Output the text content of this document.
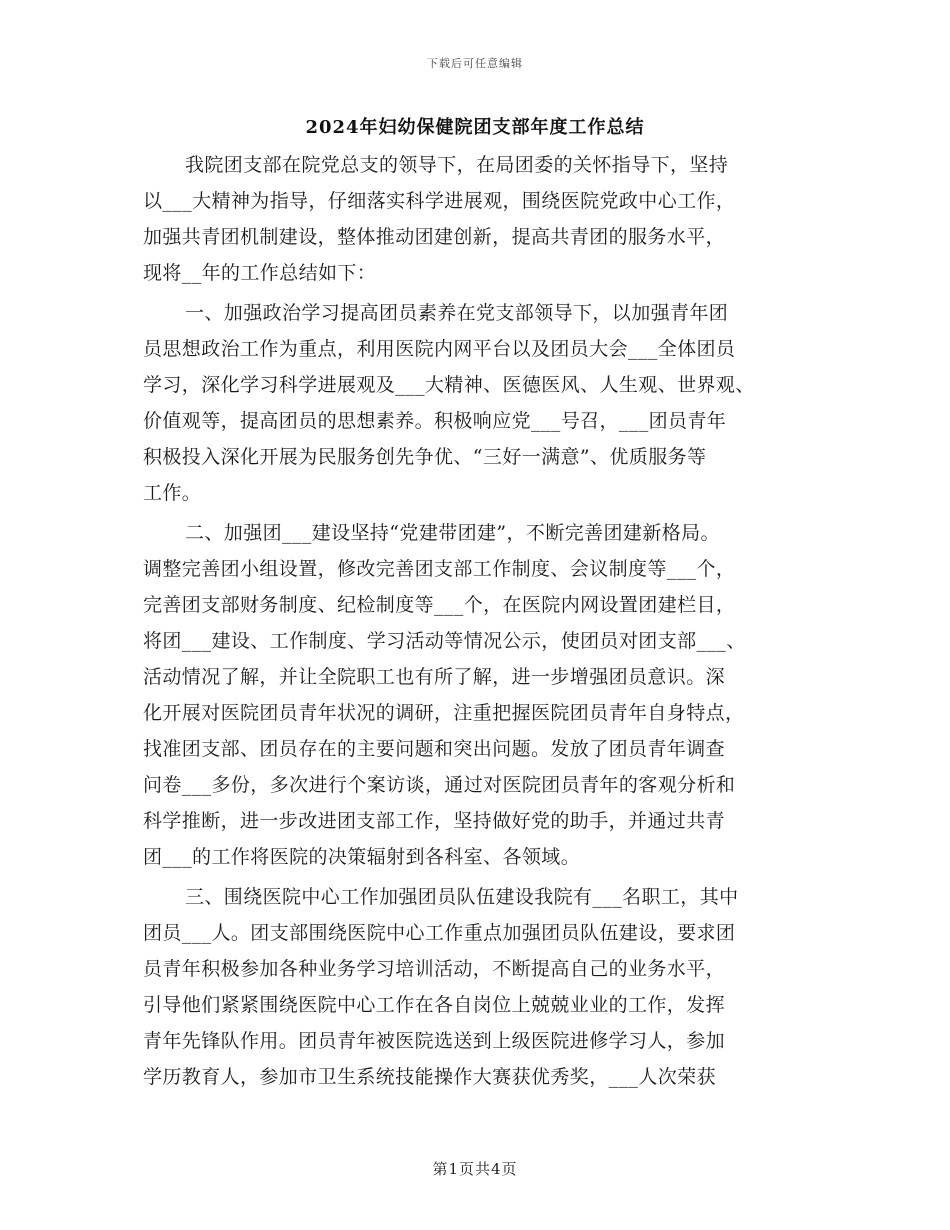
下载后可任意编辑
2024年妇幼保健院团支部年度工作总结
我院团支部在院党总支的领导下，在局团委的关怀指导下，坚持
以___大精神为指导，仔细落实科学进展观，围绕医院党政中心工作，
加强共青团机制建设，整体推动团建创新，提高共青团的服务水平，
现将__年的工作总结如下：
一、加强政治学习提高团员素养在党支部领导下，以加强青年团
员思想政治工作为重点，利用医院内网平台以及团员大会___全体团员
学习，深化学习科学进展观及___大精神、医德医风、人生观、世界观、
价值观等，提高团员的思想素养。积极响应党___号召，___团员青年
积极投入深化开展为民服务创先争优、“三好一满意”、优质服务等
工作。
二、加强团___建设坚持“党建带团建”，不断完善团建新格局。
调整完善团小组设置，修改完善团支部工作制度、会议制度等___个，
完善团支部财务制度、纪检制度等___个，在医院内网设置团建栏目，
将团___建设、工作制度、学习活动等情况公示，使团员对团支部___、
活动情况了解，并让全院职工也有所了解，进一步增强团员意识。深
化开展对医院团员青年状况的调研，注重把握医院团员青年自身特点，
找准团支部、团员存在的主要问题和突出问题。发放了团员青年调查
问卷___多份，多次进行个案访谈，通过对医院团员青年的客观分析和
科学推断，进一步改进团支部工作，坚持做好党的助手，并通过共青
团___的工作将医院的决策辐射到各科室、各领域。
三、围绕医院中心工作加强团员队伍建设我院有___名职工，其中
团员___人。团支部围绕医院中心工作重点加强团员队伍建设，要求团
员青年积极参加各种业务学习培训活动，不断提高自己的业务水平，
引导他们紧紧围绕医院中心工作在各自岗位上兢兢业业的工作，发挥
青年先锋队作用。团员青年被医院选送到上级医院进修学习人，参加
学历教育人，参加市卫生系统技能操作大赛获优秀奖，___人次荣获
第1页共4页
